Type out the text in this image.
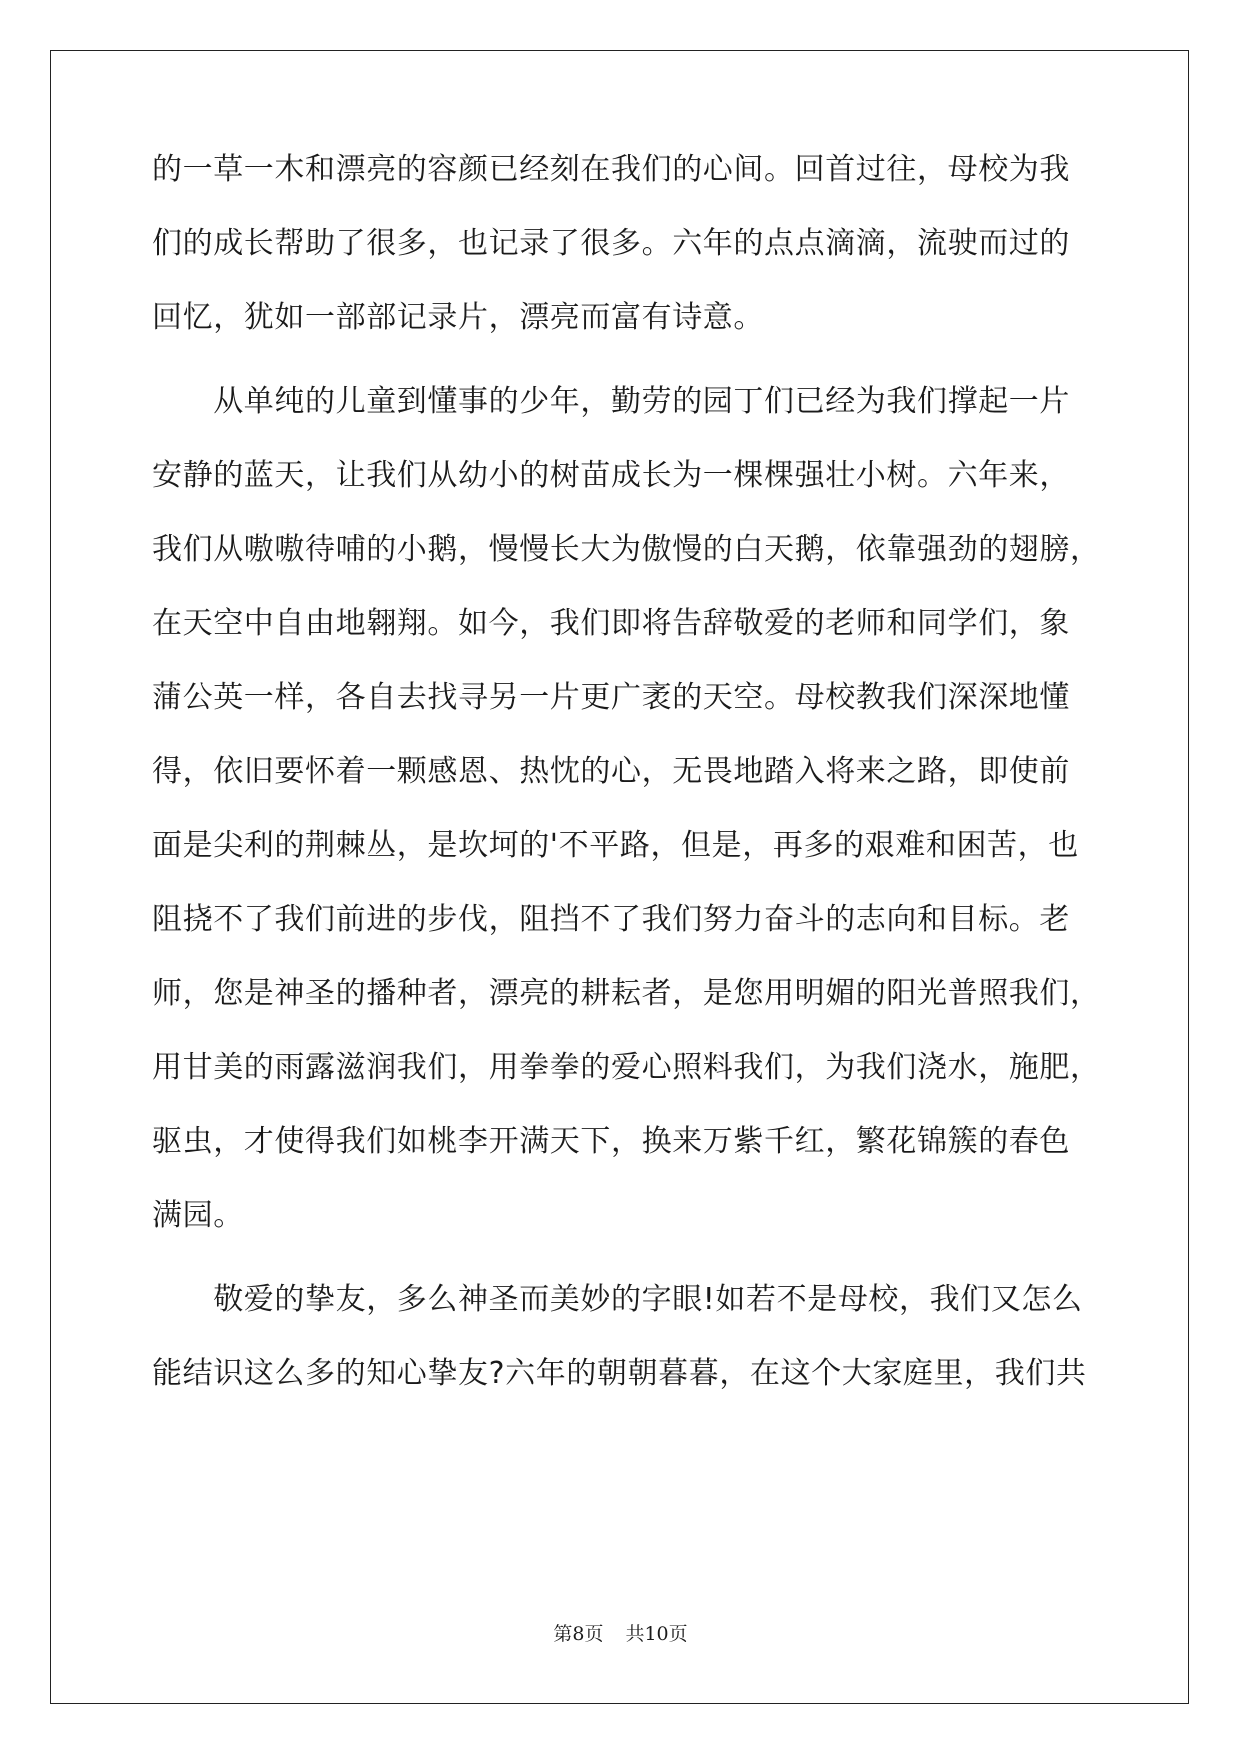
的一草一木和漂亮的容颜已经刻在我们的心间。回首过往，母校为我
们的成长帮助了很多，也记录了很多。六年的点点滴滴，流驶而过的
回忆，犹如一部部记录片，漂亮而富有诗意。
　　从单纯的儿童到懂事的少年，勤劳的园丁们已经为我们撑起一片
安静的蓝天，让我们从幼小的树苗成长为一棵棵强壮小树。六年来，
我们从嗷嗷待哺的小鹅，慢慢长大为傲慢的白天鹅，依靠强劲的翅膀，
在天空中自由地翱翔。如今，我们即将告辞敬爱的老师和同学们，象
蒲公英一样，各自去找寻另一片更广袤的天空。母校教我们深深地懂
得，依旧要怀着一颗感恩、热忱的心，无畏地踏入将来之路，即使前
面是尖利的荆棘丛，是坎坷的'不平路，但是，再多的艰难和困苦，也
阻挠不了我们前进的步伐，阻挡不了我们努力奋斗的志向和目标。老
师，您是神圣的播种者，漂亮的耕耘者，是您用明媚的阳光普照我们，
用甘美的雨露滋润我们，用拳拳的爱心照料我们，为我们浇水，施肥，
驱虫，才使得我们如桃李开满天下，换来万紫千红，繁花锦簇的春色
满园。
　　敬爱的挚友，多么神圣而美妙的字眼!如若不是母校，我们又怎么
能结识这么多的知心挚友?六年的朝朝暮暮，在这个大家庭里，我们共
第8页 共10页
